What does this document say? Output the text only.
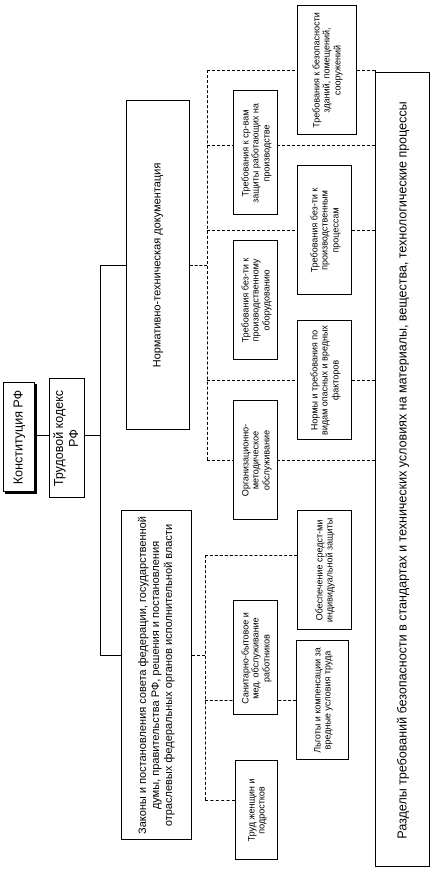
Конституция РФ Трудовой кодекс РФ
Законы и постановления совета федерации, государственной думы, правительства РФ, решения и постановления отраслевых федеральных органов исполнительной власти
Нормативно-техническая документация
Труд женщин и подростков
Льготы и компенсации за вредные условия труда
Санитарно-бытовое и мед. обслуживание работников
Обеспечение средст-ми индивидуальной защиты
Организационно-методическое обслуживание
Нормы и требования по видам опасных и вредных факторов
Требования без-ти к производственному оборудованию
Требования без-ти к производственным процессам
Требования к ср-вам защиты работающих на производстве
Требования к безопасности зданий, помещений, сооружений
Разделы требований безопасности в стандартах и технических условиях на материалы, вещества, технологические процессы
